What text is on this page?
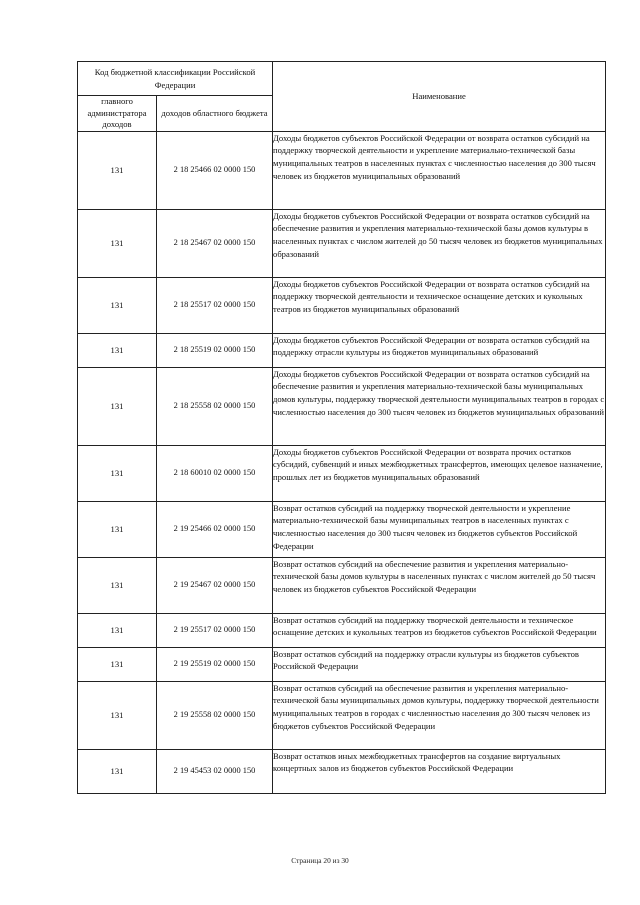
Код бюджетной классификации Российской Федерации		Наименование
главного администратора доходов	доходов областного бюджета	
131	2 18 25466 02 0000 150	Доходы бюджетов субъектов Российской Федерации от возврата остатков субсидий на поддержку творческой деятельности и укрепление материально-технической базы муниципальных театров в населенных пунктах с численностью населения до 300 тысяч человек из бюджетов муниципальных образований
131	2 18 25467 02 0000 150	Доходы бюджетов субъектов Российской Федерации от возврата остатков субсидий на обеспечение развития и укрепления материально-технической базы домов культуры в населенных пунктах с числом жителей до 50 тысяч человек из бюджетов муниципальных образований
131	2 18 25517 02 0000 150	Доходы бюджетов субъектов Российской Федерации от возврата остатков субсидий на поддержку творческой деятельности и техническое оснащение детских и кукольных театров из бюджетов муниципальных образований
131	2 18 25519 02 0000 150	Доходы бюджетов субъектов Российской Федерации от возврата остатков субсидий на поддержку отрасли культуры из бюджетов муниципальных образований
131	2 18 25558 02 0000 150	Доходы бюджетов субъектов Российской Федерации от возврата остатков субсидий на обеспечение развития и укрепления материально-технической базы муниципальных домов культуры, поддержку творческой деятельности муниципальных театров в городах с численностью населения до 300 тысяч человек из бюджетов муниципальных образований
131	2 18 60010 02 0000 150	Доходы бюджетов субъектов Российской Федерации от возврата прочих остатков субсидий, субвенций и иных межбюджетных трансфертов, имеющих целевое назначение, прошлых лет из бюджетов муниципальных образований
131	2 19 25466 02 0000 150	Возврат остатков субсидий на поддержку творческой деятельности и укрепление материально-технической базы муниципальных театров в населенных пунктах с численностью населения до 300 тысяч человек из бюджетов субъектов Российской Федерации
131	2 19 25467 02 0000 150	Возврат остатков субсидий на обеспечение развития и укрепления материально-технической базы домов культуры в населенных пунктах с числом жителей до 50 тысяч человек из бюджетов субъектов Российской Федерации
131	2 19 25517 02 0000 150	Возврат остатков субсидий на поддержку творческой деятельности и техническое оснащение детских и кукольных театров из бюджетов субъектов Российской Федерации
131	2 19 25519 02 0000 150	Возврат остатков субсидий на поддержку отрасли культуры из бюджетов субъектов Российской Федерации
131	2 19 25558 02 0000 150	Возврат остатков субсидий на обеспечение развития и укрепления материально-технической базы муниципальных домов культуры, поддержку творческой деятельности муниципальных театров в городах с численностью населения до 300 тысяч человек из бюджетов субъектов Российской Федерации
131	2 19 45453 02 0000 150	Возврат остатков иных межбюджетных трансфертов на создание виртуальных концертных залов из бюджетов субъектов Российской Федерации
Страница 20 из 30
